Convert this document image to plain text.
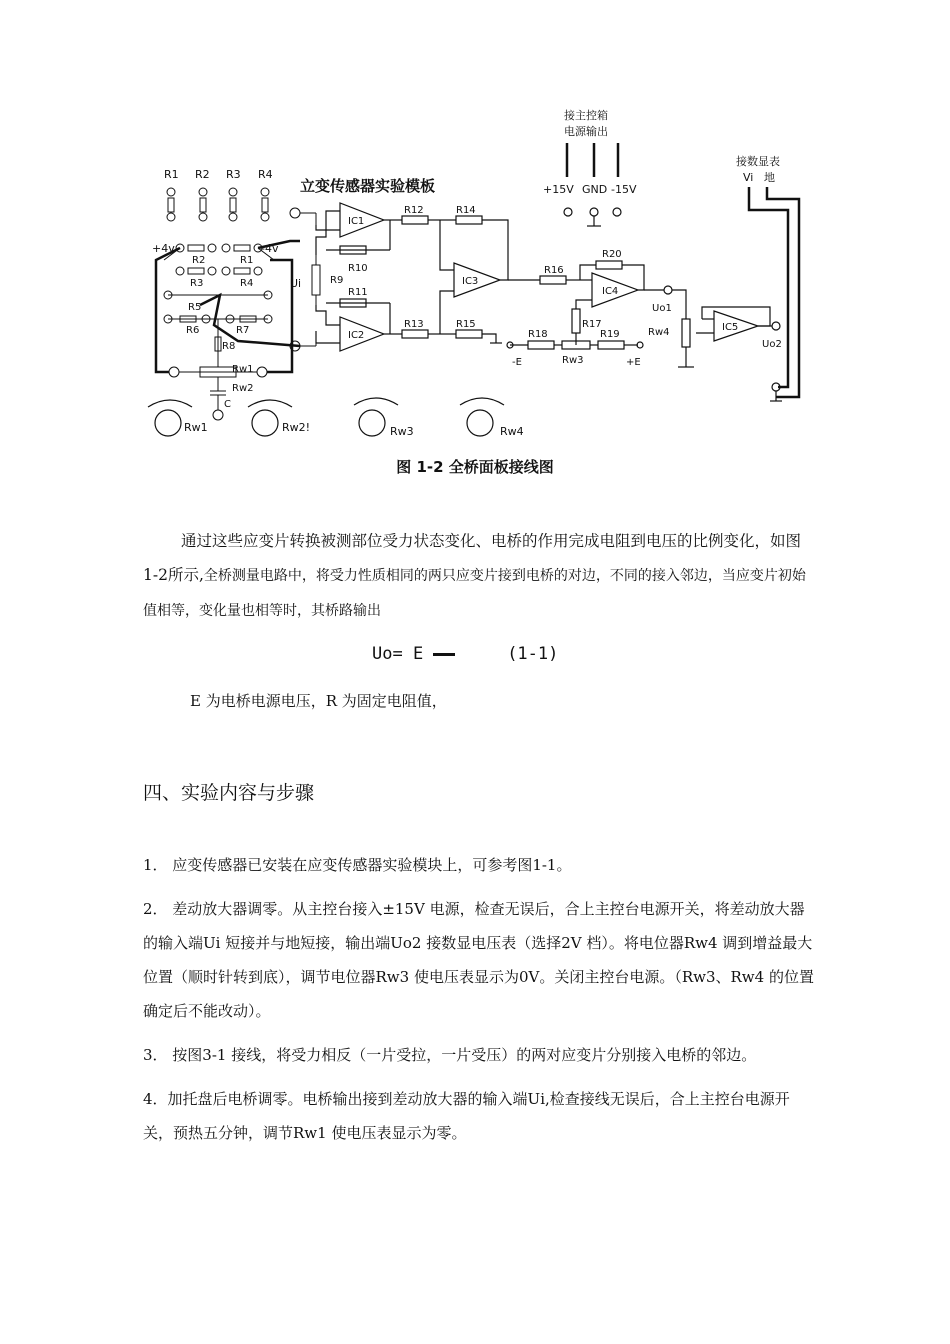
立变传感器实验模板
接主控箱
电源输出
+15V GND -15V
接数显表
Vi 地
R1 R2 R3 R4
+4v	-4v
R2	R1
R3	R4
R5
R7
R6
R8
Rw1
Rw2
C
Ui	R9
IC1
R10
R12
IC2
R11
R13
IC3
R14
R15
R16
IC4
R20
R17
R18	R19
-E	+E
Rw3
Uo1
Rw4	IC5
Uo2
Rw1	Rw2!	Rw3	Rw4
图 1-2 全桥面板接线图
通过这些应变片转换被测部位受力状态变化、电桥的作用完成电阻到电压的比例变化，如图1-2所示,全桥测量电路中，将受力性质相同的两只应变片接到电桥的对边，不同的接入邻边，当应变片初始值相等，变化量也相等时，其桥路输出
Uo= E	(1-1)
E 为电桥电源电压，R 为固定电阻值，
四、实验内容与步骤

1． 应变传感器已安装在应变传感器实验模块上，可参考图1-1。

2． 差动放大器调零。从主控台接入±15V 电源，检查无误后，合上主控台电源开关，将差动放大器的输入端Ui 短接并与地短接，输出端Uo2 接数显电压表（选择2V 档）。将电位器Rw4 调到增益最大位置（顺时针转到底），调节电位器Rw3 使电压表显示为0V。关闭主控台电源。（Rw3、Rw4 的位置确定后不能改动）。

3． 按图3-1 接线，将受力相反（一片受拉，一片受压）的两对应变片分别接入电桥的邻边。

4．加托盘后电桥调零。电桥输出接到差动放大器的输入端Ui,检查接线无误后，合上主控台电源开关，预热五分钟，调节Rw1 使电压表显示为零。
